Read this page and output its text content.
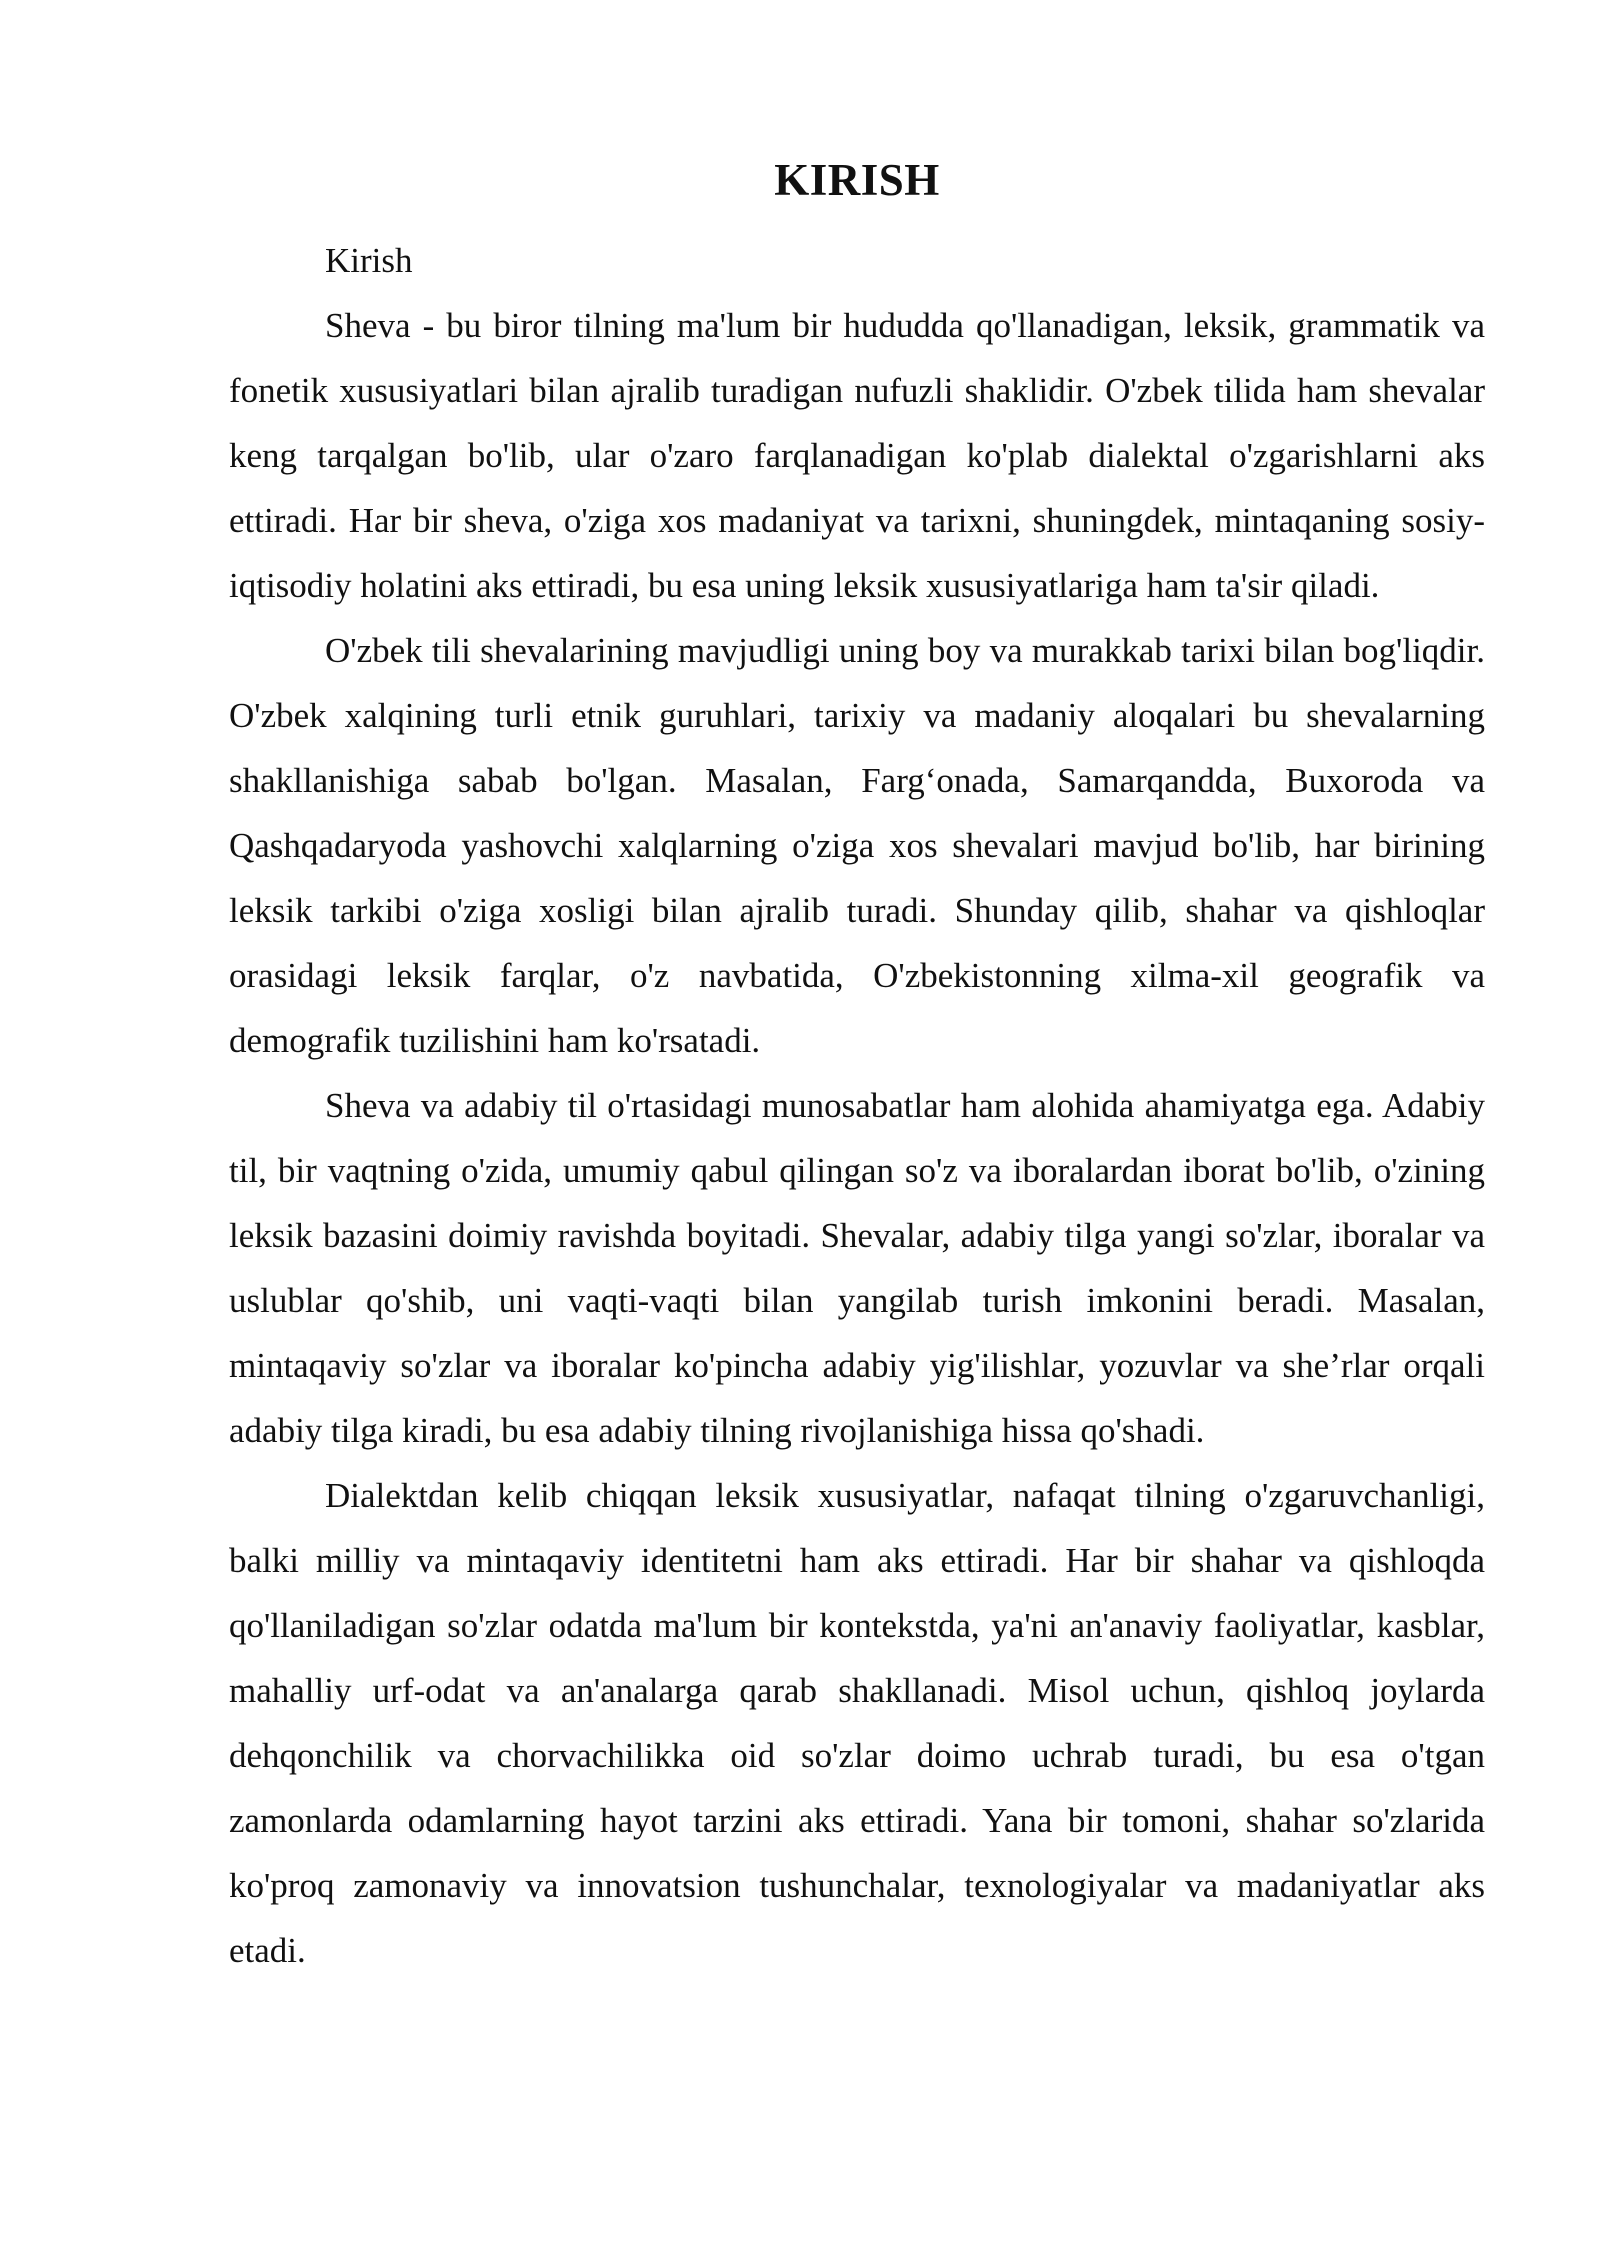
KIRISH

Kirish

Sheva - bu biror tilning ma'lum bir hududda qo'llanadigan, leksik, grammatik va fonetik xususiyatlari bilan ajralib turadigan nufuzli shaklidir. O'zbek tilida ham shevalar keng tarqalgan bo'lib, ular o'zaro farqlanadigan ko'plab dialektal o'zgarishlarni aks ettiradi. Har bir sheva, o'ziga xos madaniyat va tarixni, shuningdek, mintaqaning sosiy-iqtisodiy holatini aks ettiradi, bu esa uning leksik xususiyatlariga ham ta'sir qiladi.

O'zbek tili shevalarining mavjudligi uning boy va murakkab tarixi bilan bog'liqdir. O'zbek xalqining turli etnik guruhlari, tarixiy va madaniy aloqalari bu shevalarning shakllanishiga sabab bo'lgan. Masalan, Farg‘onada, Samarqandda, Buxoroda va Qashqadaryoda yashovchi xalqlarning o'ziga xos shevalari mavjud bo'lib, har birining leksik tarkibi o'ziga xosligi bilan ajralib turadi. Shunday qilib, shahar va qishloqlar orasidagi leksik farqlar, o'z navbatida, O'zbekistonning xilma-xil geografik va demografik tuzilishini ham ko'rsatadi.

Sheva va adabiy til o'rtasidagi munosabatlar ham alohida ahamiyatga ega. Adabiy til, bir vaqtning o'zida, umumiy qabul qilingan so'z va iboralardan iborat bo'lib, o'zining leksik bazasini doimiy ravishda boyitadi. Shevalar, adabiy tilga yangi so'zlar, iboralar va uslublar qo'shib, uni vaqti-vaqti bilan yangilab turish imkonini beradi. Masalan, mintaqaviy so'zlar va iboralar ko'pincha adabiy yig'ilishlar, yozuvlar va she’rlar orqali adabiy tilga kiradi, bu esa adabiy tilning rivojlanishiga hissa qo'shadi.

Dialektdan kelib chiqqan leksik xususiyatlar, nafaqat tilning o'zgaruvchanligi, balki milliy va mintaqaviy identitetni ham aks ettiradi. Har bir shahar va qishloqda qo'llaniladigan so'zlar odatda ma'lum bir kontekstda, ya'ni an'anaviy faoliyatlar, kasblar, mahalliy urf-odat va an'analarga qarab shakllanadi. Misol uchun, qishloq joylarda dehqonchilik va chorvachilikka oid so'zlar doimo uchrab turadi, bu esa o'tgan zamonlarda odamlarning hayot tarzini aks ettiradi. Yana bir tomoni, shahar so'zlarida ko'proq zamonaviy va innovatsion tushunchalar, texnologiyalar va madaniyatlar aks etadi.
